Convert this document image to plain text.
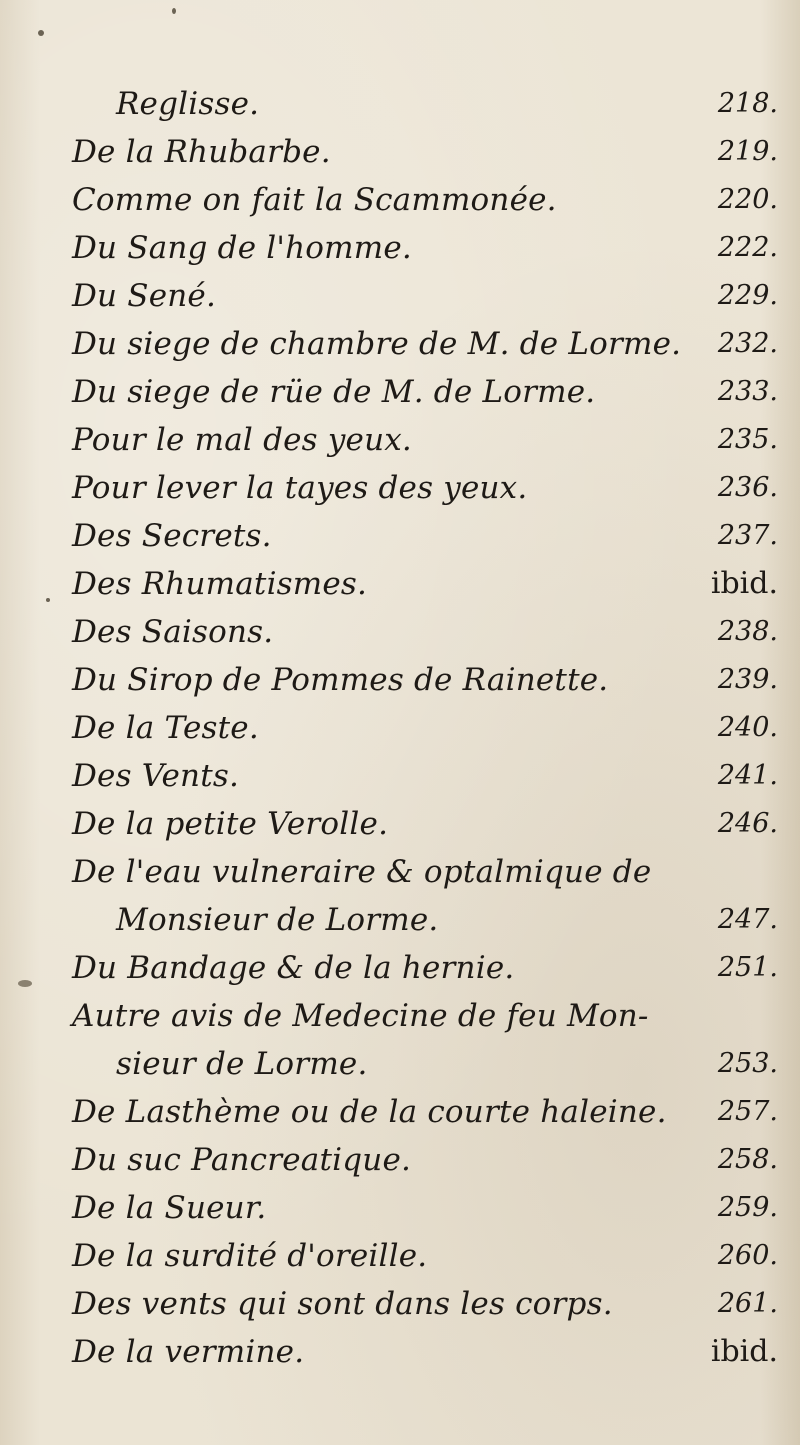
Reglisse.	218.
De la Rhubarbe.	219.
Comme on fait la Scammonée.	220.
Du Sang de l'homme.	222.
Du Sené.	229.
Du siege de chambre de M. de Lorme. 232.
Du siege de rüe de M. de Lorme.	233.
Pour le mal des yeux.	235.
Pour lever la tayes des yeux.	236.
Des Secrets.	237.
Des Rhumatismes.	ibid.
Des Saisons.	238.
Du Sirop de Pommes de Rainette.	239.
De la Teste.	240.
Des Vents.	241.
De la petite Verolle.	246.
De l'eau vulneraire & optalmique de
Monsieur de Lorme.	247.
Du Bandage & de la hernie.	251.
Autre avis de Medecine de feu Mon-
sieur de Lorme.	253.
De Lasthème ou de la courte haleine. 257.
Du suc Pancreatique.	258.
De la Sueur.	259.
De la surdité d'oreille.	260.
Des vents qui sont dans les corps.	261.
De la vermine.	ibid.
